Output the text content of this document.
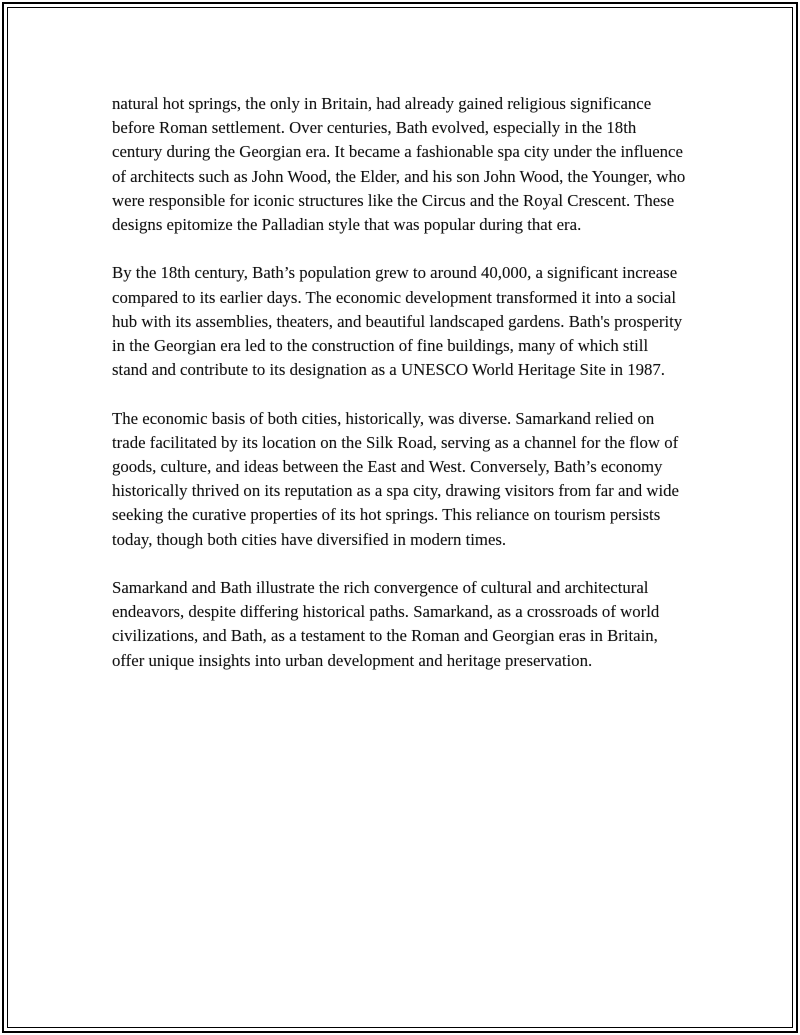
natural hot springs, the only in Britain, had already gained religious significance before Roman settlement. Over centuries, Bath evolved, especially in the 18th century during the Georgian era. It became a fashionable spa city under the influence of architects such as John Wood, the Elder, and his son John Wood, the Younger, who were responsible for iconic structures like the Circus and the Royal Crescent. These designs epitomize the Palladian style that was popular during that era.

By the 18th century, Bath’s population grew to around 40,000, a significant increase compared to its earlier days. The economic development transformed it into a social hub with its assemblies, theaters, and beautiful landscaped gardens. Bath's prosperity in the Georgian era led to the construction of fine buildings, many of which still stand and contribute to its designation as a UNESCO World Heritage Site in 1987.

The economic basis of both cities, historically, was diverse. Samarkand relied on trade facilitated by its location on the Silk Road, serving as a channel for the flow of goods, culture, and ideas between the East and West. Conversely, Bath’s economy historically thrived on its reputation as a spa city, drawing visitors from far and wide seeking the curative properties of its hot springs. This reliance on tourism persists today, though both cities have diversified in modern times.

Samarkand and Bath illustrate the rich convergence of cultural and architectural endeavors, despite differing historical paths. Samarkand, as a crossroads of world civilizations, and Bath, as a testament to the Roman and Georgian eras in Britain, offer unique insights into urban development and heritage preservation.
